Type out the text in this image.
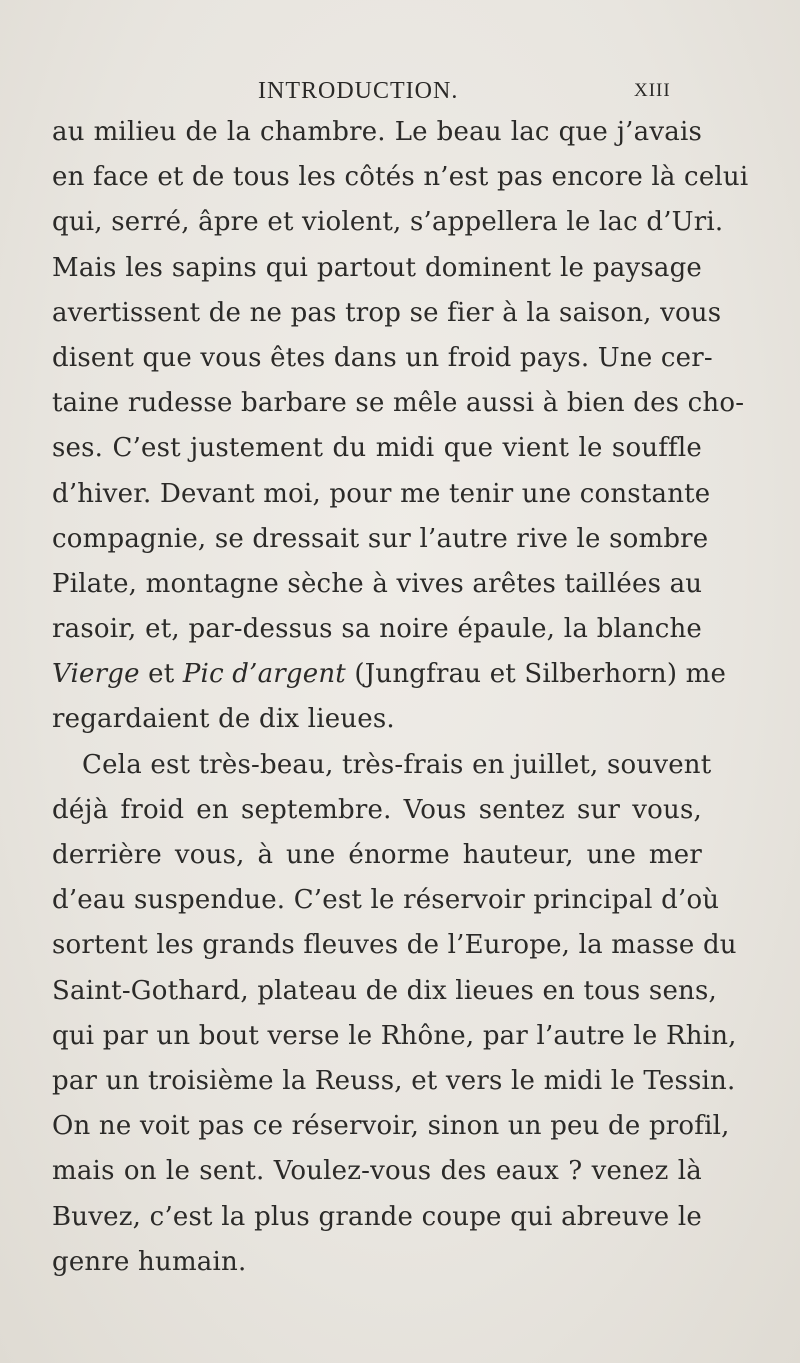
INTRODUCTION.	XIII
au milieu de la chambre. Le beau lac que j’avais
en face et de tous les côtés n’est pas encore là celui
qui, serré, âpre et violent, s’appellera le lac d’Uri.
Mais les sapins qui partout dominent le paysage
avertissent de ne pas trop se fier à la saison, vous
disent que vous êtes dans un froid pays. Une cer-
taine rudesse barbare se mêle aussi à bien des cho-
ses. C’est justement du midi que vient le souffle
d’hiver. Devant moi, pour me tenir une constante
compagnie, se dressait sur l’autre rive le sombre
Pilate, montagne sèche à vives arêtes taillées au
rasoir, et, par-dessus sa noire épaule, la blanche
Vierge et Pic d’argent (Jungfrau et Silberhorn) me
regardaient de dix lieues.
Cela est très-beau, très-frais en juillet, souvent
déjà froid en septembre. Vous sentez sur vous,
derrière vous, à une énorme hauteur, une mer
d’eau suspendue. C’est le réservoir principal d’où
sortent les grands fleuves de l’Europe, la masse du
Saint-Gothard, plateau de dix lieues en tous sens,
qui par un bout verse le Rhône, par l’autre le Rhin,
par un troisième la Reuss, et vers le midi le Tessin.
On ne voit pas ce réservoir, sinon un peu de profil,
mais on le sent. Voulez-vous des eaux ? venez là
Buvez, c’est la plus grande coupe qui abreuve le
genre humain.
